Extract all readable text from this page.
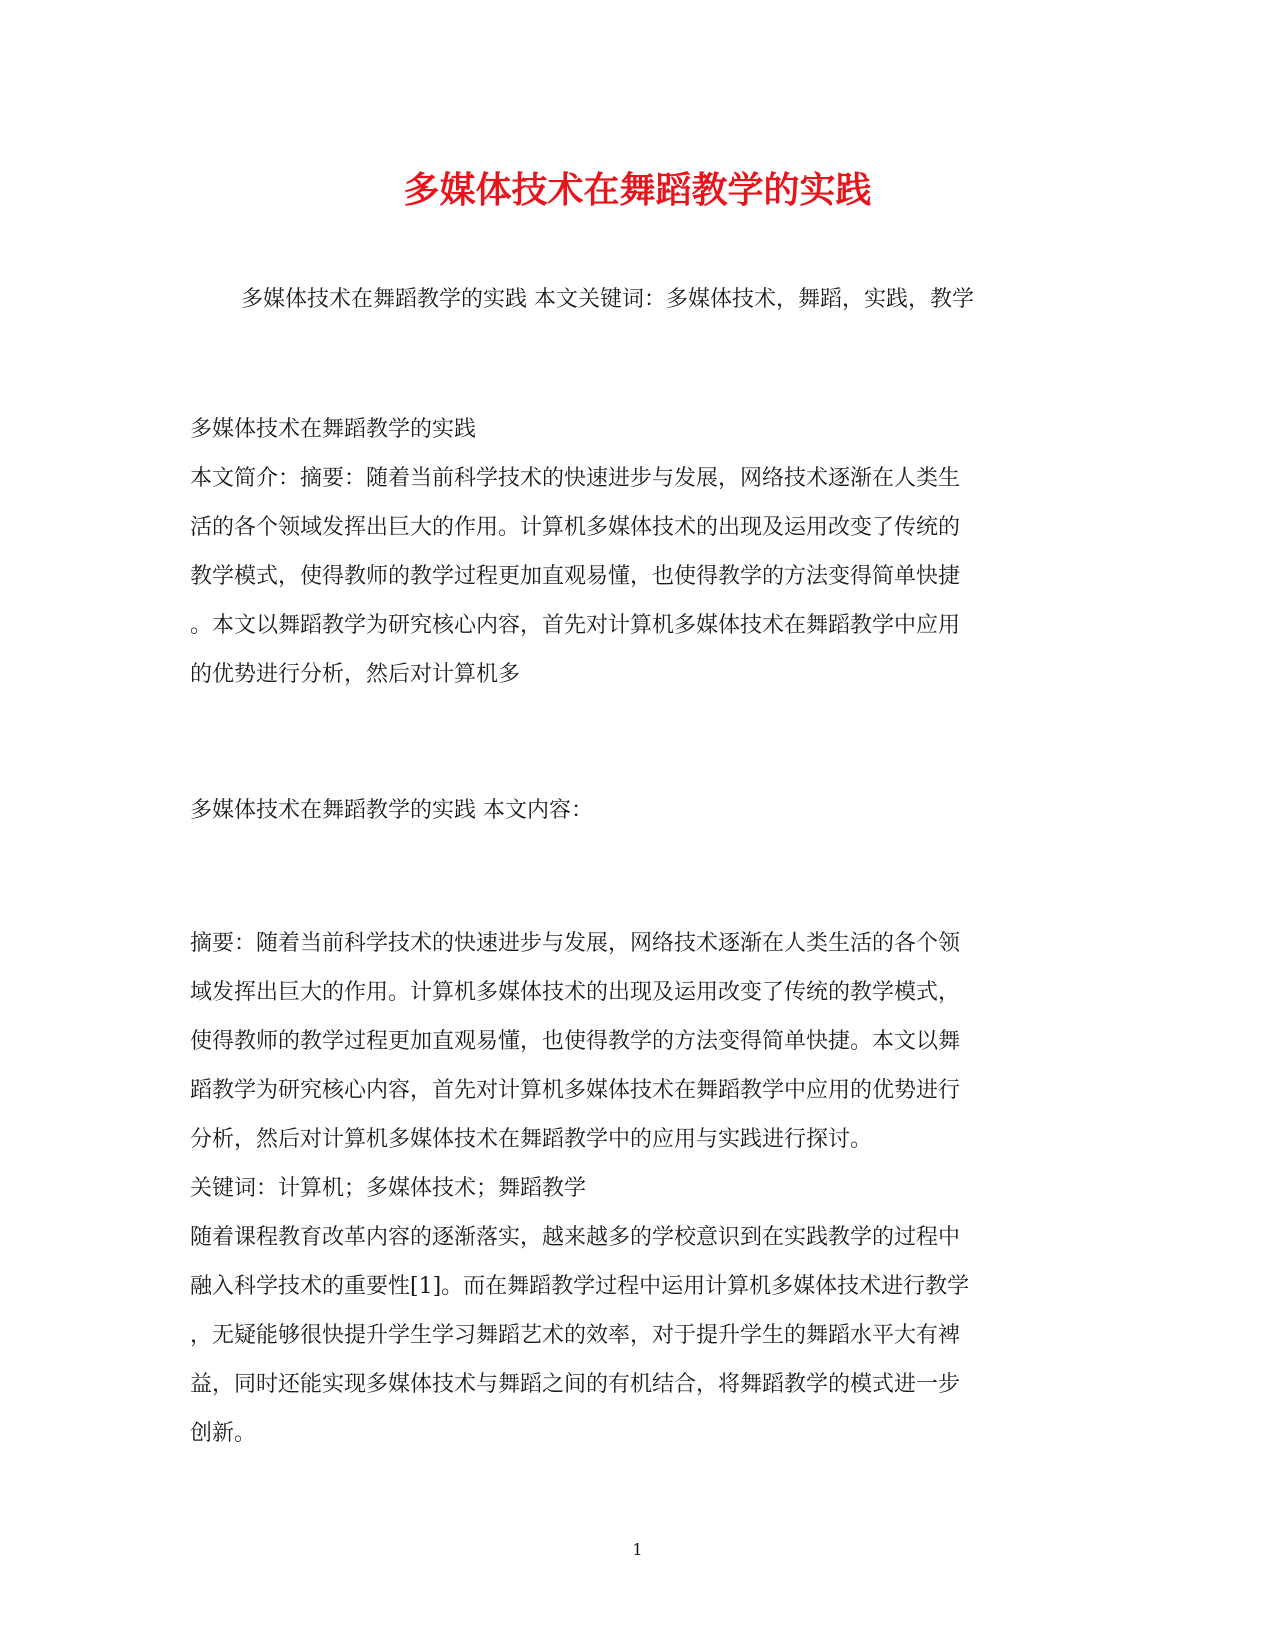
多媒体技术在舞蹈教学的实践
多媒体技术在舞蹈教学的实践 本文关键词：多媒体技术，舞蹈，实践，教学
多媒体技术在舞蹈教学的实践
本文简介：摘要：随着当前科学技术的快速进步与发展，网络技术逐渐在人类生
活的各个领域发挥出巨大的作用。计算机多媒体技术的出现及运用改变了传统的
教学模式，使得教师的教学过程更加直观易懂，也使得教学的方法变得简单快捷
。本文以舞蹈教学为研究核心内容，首先对计算机多媒体技术在舞蹈教学中应用
的优势进行分析，然后对计算机多
多媒体技术在舞蹈教学的实践 本文内容：
摘要：随着当前科学技术的快速进步与发展，网络技术逐渐在人类生活的各个领
域发挥出巨大的作用。计算机多媒体技术的出现及运用改变了传统的教学模式，
使得教师的教学过程更加直观易懂，也使得教学的方法变得简单快捷。本文以舞
蹈教学为研究核心内容，首先对计算机多媒体技术在舞蹈教学中应用的优势进行
分析，然后对计算机多媒体技术在舞蹈教学中的应用与实践进行探讨。
关键词：计算机；多媒体技术；舞蹈教学
随着课程教育改革内容的逐渐落实，越来越多的学校意识到在实践教学的过程中
融入科学技术的重要性[1]。而在舞蹈教学过程中运用计算机多媒体技术进行教学
，无疑能够很快提升学生学习舞蹈艺术的效率，对于提升学生的舞蹈水平大有裨
益，同时还能实现多媒体技术与舞蹈之间的有机结合，将舞蹈教学的模式进一步
创新。
1
